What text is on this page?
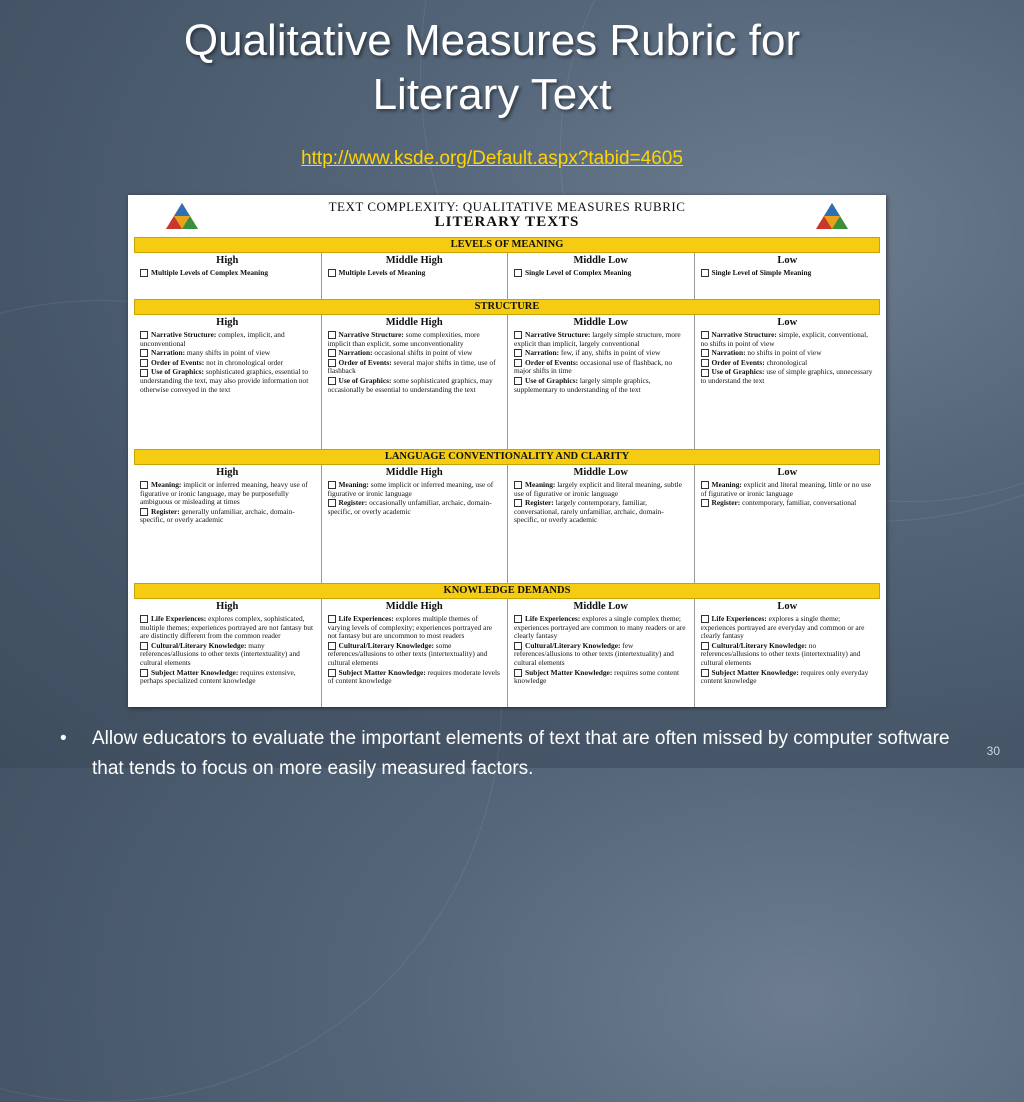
Qualitative Measures Rubric for
Literary Text
http://www.ksde.org/Default.aspx?tabid=4605
TEXT COMPLEXITY: QUALITATIVE MEASURES RUBRIC
LITERARY TEXTS
LEVELS OF MEANING
High
Multiple Levels of Complex Meaning
Middle High
Multiple Levels of Meaning
Middle Low
Single Level of Complex Meaning
Low
Single Level of Simple Meaning
STRUCTURE
High
Narrative Structure: complex, implicit, and unconventional
Narration: many shifts in point of view
Order of Events: not in chronological order
Use of Graphics: sophisticated graphics, essential to understanding the text, may also provide information not otherwise conveyed in the text
Middle High
Narrative Structure: some complexities, more implicit than explicit, some unconventionality
Narration: occasional shifts in point of view
Order of Events: several major shifts in time, use of flashback
Use of Graphics: some sophisticated graphics, may occasionally be essential to understanding the text
Middle Low
Narrative Structure: largely simple structure, more explicit than implicit, largely conventional
Narration: few, if any, shifts in point of view
Order of Events: occasional use of flashback, no major shifts in time
Use of Graphics: largely simple graphics, supplementary to understanding of the text
Low
Narrative Structure: simple, explicit, conventional, no shifts in point of view
Narration: no shifts in point of view
Order of Events: chronological
Use of Graphics: use of simple graphics, unnecessary to understand the text
LANGUAGE CONVENTIONALITY AND CLARITY
High
Meaning: implicit or inferred meaning, heavy use of figurative or ironic language, may be purposefully ambiguous or misleading at times
Register: generally unfamiliar, archaic, domain-specific, or overly academic
Middle High
Meaning: some implicit or inferred meaning, use of figurative or ironic language
Register: occasionally unfamiliar, archaic, domain-specific, or overly academic
Middle Low
Meaning: largely explicit and literal meaning, subtle use of figurative or ironic language
Register: largely contemporary, familiar, conversational, rarely unfamiliar, archaic, domain-specific, or overly academic
Low
Meaning: explicit and literal meaning, little or no use of figurative or ironic language
Register: contemporary, familiar, conversational
KNOWLEDGE DEMANDS
High
Life Experiences: explores complex, sophisticated, multiple themes; experiences portrayed are not fantasy but are distinctly different from the common reader
Cultural/Literary Knowledge: many references/allusions to other texts (intertextuality) and cultural elements
Subject Matter Knowledge: requires extensive, perhaps specialized content knowledge
Middle High
Life Experiences: explores multiple themes of varying levels of complexity; experiences portrayed are not fantasy but are uncommon to most readers
Cultural/Literary Knowledge: some references/allusions to other texts (intertextuality) and cultural elements
Subject Matter Knowledge: requires moderate levels of content knowledge
Middle Low
Life Experiences: explores a single complex theme; experiences portrayed are common to many readers or are clearly fantasy
Cultural/Literary Knowledge: few references/allusions to other texts (intertextuality) and cultural elements
Subject Matter Knowledge: requires some content knowledge
Low
Life Experiences: explores a single theme; experiences portrayed are everyday and common or are clearly fantasy
Cultural/Literary Knowledge: no references/allusions to other texts (intertextuality) and cultural elements
Subject Matter Knowledge: requires only everyday content knowledge
•	Allow educators to evaluate the important elements of text that are often missed by computer software that tends to focus on more easily measured factors.
30
